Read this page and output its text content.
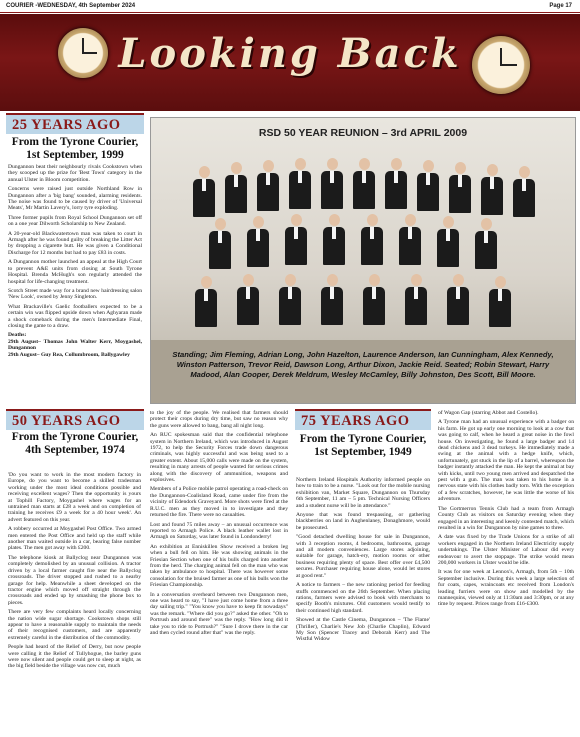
COURIER -WEDNESDAY, 4th September 2024	Page 17
Looking Back
25 YEARS AGO
From the Tyrone Courier, 1st September, 1999

Dungannon beat their neighbourly rivals Cookstown when they scooped up the prize for 'Best Town' category in the annual Ulster in Bloom competition.

Concerns were raised just outside Northland Row in Dungannon after a 'big bang' sounded, alarming residents. The noise was found to be caused by driver of 'Universal Meats', Mr Martin Lavery's, lorry tyre exploding.

Three former pupils from Royal School Dungannon set off on a one year Dilworth Scholarship to New Zealand.

A 20-year-old Blackwatertown man was taken to court in Armagh after he was found guilty of breaking the Litter Act by dropping a cigarette butt. He was given a Conditional Discharge for 12 months but had to pay £83 in costs.

A Dungannon mother launched an appeal at the High Court to prevent A&E units from closing at South Tyrone Hospital. Brenda McHugh's son regularly attended the hospital for life-changing treatment.

Scotch Street made way for a brand new hairdressing salon 'New Look', owned by Jenny Singleton.

What Brackaville's Gaelic footballers expected to be a certain win was flipped upside down when Aghyaran made a shock comeback during the men's Intermediate Final, closing the game to a draw.

Deaths:

29th August– Thomas John Walter Kerr, Moygashel, Dungannon

29th August– Guy Rea, Collumbroom, Ballygawley

RSD 50 YEAR REUNION – 3rd APRIL 2009
Standing; Jim Fleming, Adrian Long, John Hazelton, Laurence Anderson, Ian Cunningham, Alex Kennedy, Winston Patterson, Trevor Reid, Dawson Long, Arthur Dixon, Jackie Reid. Seated; Robin Stewart, Harry Madood, Alan Cooper, Derek Meldrum, Wesley McCamley, Billy Johnston, Des Scott, Bill Moore.
50 YEARS AGO
From the Tyrone Courier, 4th September, 1974

'Do you want to work in the most modern factory in Europe, do you want to become a skilled tradesman working under the most ideal conditions possible and receiving excellent wages? Then the opportunity is yours at Tophill Factory, Moygashel where wages for an untrained man starts at £28 a week and on completion of training he receives £9 a week for a 40 hour week'. An advert featured on this year.

A robbery occurred at Moygashel Post Office. Two armed men entered the Post Office and held up the staff while another man waited outside in a car, bearing false number plates. The men got away with £200.

The telephone kiosk at Ballyclog near Dungannon was completely demolished by an unusual collision. A tractor driven by a local farmer caught fire near the Ballyclog crossroads. The driver stopped and rushed to a nearby garage for help. Meanwhile a sheet developed on the tractor engine which moved off straight through the crossroads and ended up by smashing the phone box to pieces.

There are very few complaints heard locally concerning the nation wide sugar shortage. Cookstown shops still appear to have a reasonable supply to maintain the needs of their recognised customers, and are apparently extremely careful in the distribution of the commodity.

People had heard of the Relief of Derry, but now people were calling it the Relief of Tullyhogue, the barley guns were now silent and people could get to sleep at night, as the big field beside the village was now cut, much

to the joy of the people. We realised that farmers should protect their crops during dry time, but saw no reason why the guns were allowed to bang, bang all night long.

An RUC spokesman said that the confidential telephone system in Northern Ireland, which was introduced in August 1972, to help the Security Forces trade down dangerous criminals, was highly successful and was being used to a greater extent. About 15,000 calls were made on the system, resulting in many arrests of people wanted for serious crimes along with the discovery of ammunition, weapons and explosives.

Members of a Police mobile patrol operating a road-check on the Dungannon-Coalisland Road, came under fire from the vicinity of Edendork Graveyard. More shots were fired at the R.U.C. men as they moved in to investigate and they returned the fire. There were no casualties.

Lost and found 75 miles away – an unusual occurrence was reported to Armagh Police. A black leather wallet lost in Armagh on Saturday, was later found in Londonderry!

An exhibition at Enniskillen Show received a broken leg when a bull fell on him. He was showing animals in the Friesian Section when one of his bulls charged into another from the herd. The charging animal fell on the man who was taken by ambulance to hospital. There was however some consolation for the bruised farmer as one of his bulls won the Friesian Championship.

In a conversation overheard between two Dungannon men, one was heard to say, "I have just come home from a three day sailing trip." "You know you have to keep fit nowadays" was the remark. "Where did you go?" asked the other. "Oh to Portrush and around there" was the reply. "How long did it take you to ride to Portrush?" "Sure I drove there in the car and then cycled round after that" was the reply.

75 YEARS AGO
From the Tyrone Courier, 1st September, 1949

Northern Ireland Hospitals Authority informed people on how to train to be a nurse. "Look out for the mobile nursing exhibition van, Market Square, Dungannon on Thursday 6th September, 11 am – 5 pm. Technical Nursing Officers and a student nurse will be in attendance."

Anyone that was found trespassing, or gathering blackberries on land in Aughenlaney, Donaghmore, would be prosecuted.

"Good detached dwelling house for sale in Dungannon, with 3 reception rooms, 4 bedrooms, bathrooms, garage and all modern conveniences. Large stores adjoining, suitable for garage, hatch-ery, motion rooms or other business requiring plenty of space. Best offer over £4,500 secures. Purchaser requiring house alone, would let stores at good rent."

A notice to farmers – the new rationing period for feeding stuffs commenced on the 26th September. When placing rations, farmers were advised to book with merchants to specify Booth's mixtures. Old customers would testify to their continued high standard.

Showed at the Castle Cinema, Dungannon – 'The Flame' (Thriller), Charlie's New Job (Charlie Chaplin), Edward My Son (Spencer Tracey and Deborah Kerr) and The Wistful Widow

of Wagon Gap (starring Abbot and Costello).

A Tyrone man had an unusual experience with a badger on his farm. He got up early one morning to look at a cow that was going to calf, when he heard a great noise in the fowl house. On investigating, he found a large badger and 14 dead chickens and 3 dead turkeys. He immediately made a swing at the animal with a hedge knife, which, unfortunately, got stuck in the lip of a barrel, whereupon the badger instantly attacked the man. He kept the animal at bay with kicks, until two young men arrived and despatched the pest with a gun. The man was taken to his home in a nervous state with his clothes badly torn. With the exception of a few scratches, however, he was little the worse of his adventure.

The Gortmerron Tennis Club had a team from Armagh County Club as visitors on Saturday evening when they engaged in an interesting and keenly contested match, which resulted in a win for Dungannon by nine games to three.

A date was fixed by the Trade Unions for a strike of all workers engaged in the Northern Ireland Electricity supply undertakings. The Ulster Minister of Labour did every endeavour to avert the stoppage. The strike would mean 200,000 workers in Ulster would be idle.

It was for one week at Lennox's, Armagh, from 5th – 10th September inclusive. During this week a large selection of fur coats, capes, wraincoats etc received from London's leading furriers were on show and modelled by the mannequins, viewed only at 11:30am and 3:30pm, or at any time by request. Prices range from £16-£300.
